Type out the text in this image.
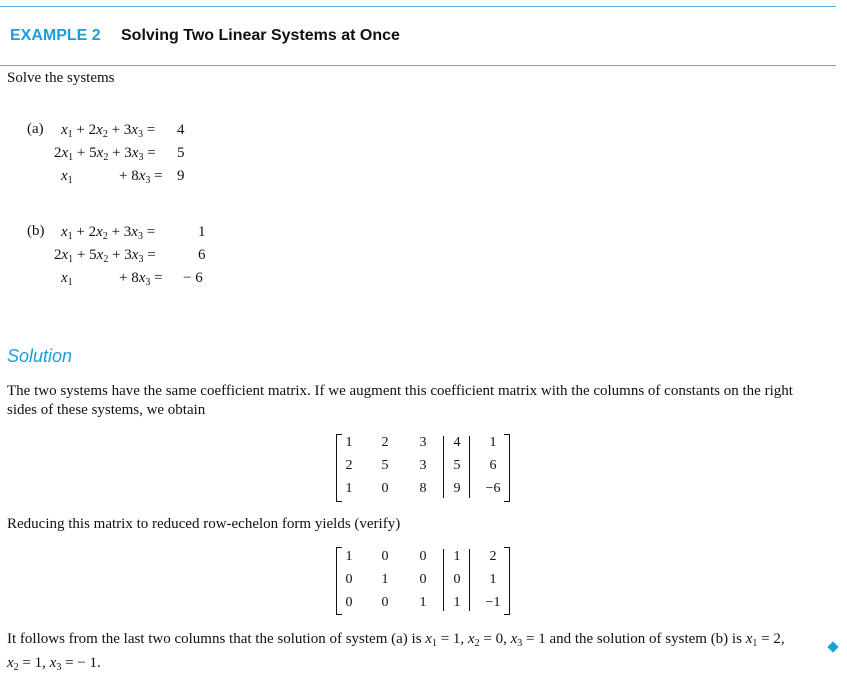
EXAMPLE 2 Solving Two Linear Systems at Once
Solve the systems
(a) $x_1 + 2x_2 + 3x_3 = 4$
$2x_1 + 5x_2 + 3x_3 = 5$
$x_1$	+ $8x_3 = 9$
(b) $x_1 + 2x_2 + 3x_3$ =	1
$2x_1 + 5x_2 + 3x_3$ =	6
$x_1$	+ $8x_3$ = − 6
Solution
The two systems have the same coefficient matrix. If we augment this coefficient matrix with the columns of constants on the right
sides of these systems, we obtain
1	2	3	4	1
2	5	3	5	6
1	0	8	9	−6
Reducing this matrix to reduced row-echelon form yields (verify)
1	0	0	1	2
0	1	0	0	1
0	0	1	1	−1
It follows from the last two columns that the solution of system (a) is $x_1 = 1$, $x_2 = 0$, $x_3 = 1$ and the solution of system (b) is $x_1 = 2$,
$x_2 = 1$, $x_3$ = − 1.
